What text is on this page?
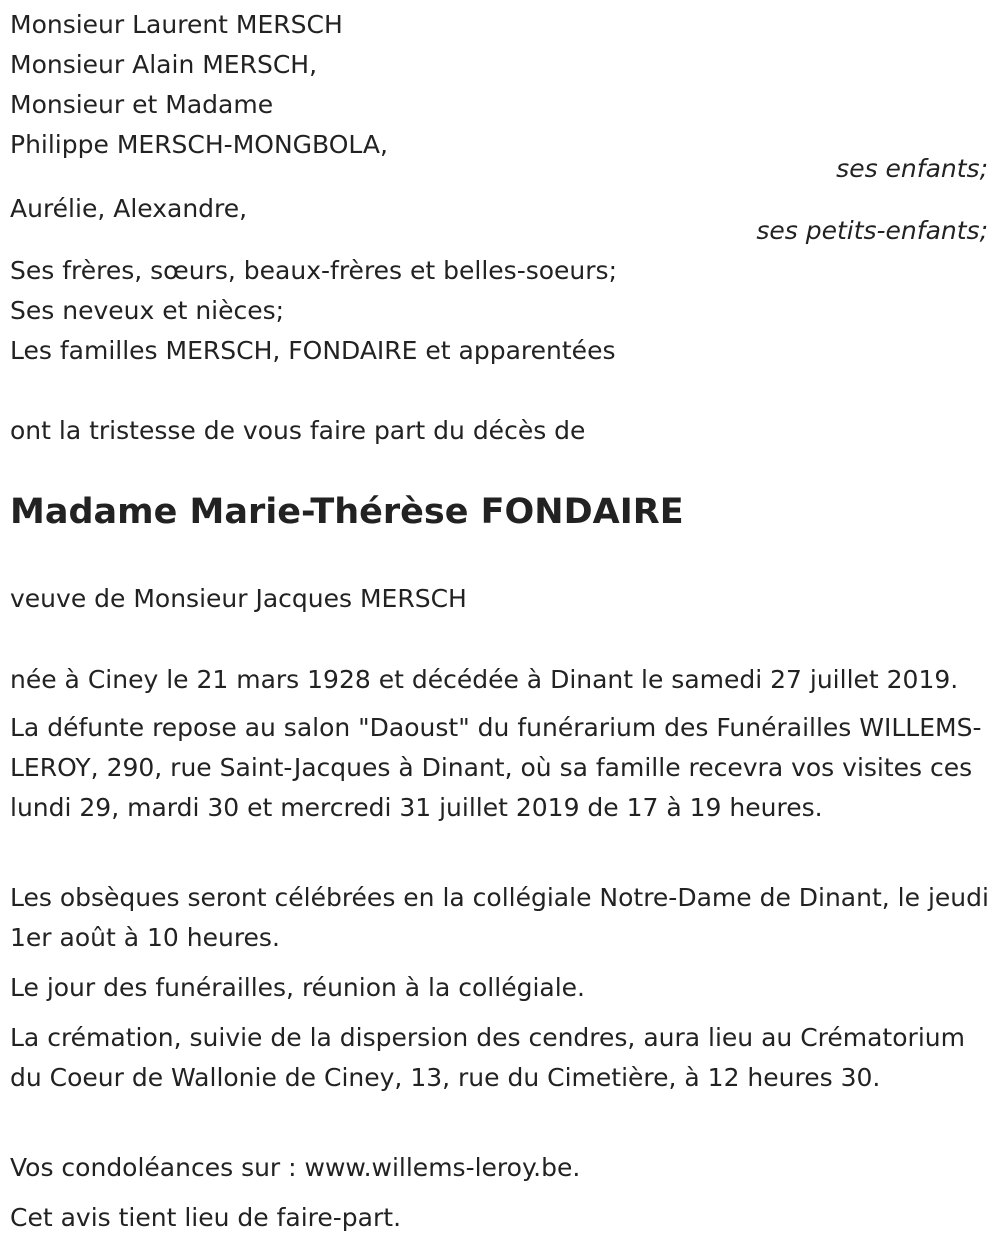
Monsieur Laurent MERSCH
Monsieur Alain MERSCH,
Monsieur et Madame
Philippe MERSCH-MONGBOLA,
ses enfants;
Aurélie, Alexandre,
ses petits-enfants;
Ses frères, sœurs, beaux-frères et belles-soeurs;
Ses neveux et nièces;
Les familles MERSCH, FONDAIRE et apparentées
ont la tristesse de vous faire part du décès de
Madame Marie-Thérèse FONDAIRE
veuve de Monsieur Jacques MERSCH
née à Ciney le 21 mars 1928 et décédée à Dinant le samedi 27 juillet 2019.
La défunte repose au salon "Daoust" du funérarium des Funérailles WILLEMS-LEROY, 290, rue Saint-Jacques à Dinant, où sa famille recevra vos visites ces lundi 29, mardi 30 et mercredi 31 juillet 2019 de 17 à 19 heures.
Les obsèques seront célébrées en la collégiale Notre-Dame de Dinant, le jeudi 1er août à 10 heures.
Le jour des funérailles, réunion à la collégiale.
La crémation, suivie de la dispersion des cendres, aura lieu au Crématorium du Coeur de Wallonie de Ciney, 13, rue du Cimetière, à 12 heures 30.
Vos condoléances sur : www.willems-leroy.be.
Cet avis tient lieu de faire-part.
